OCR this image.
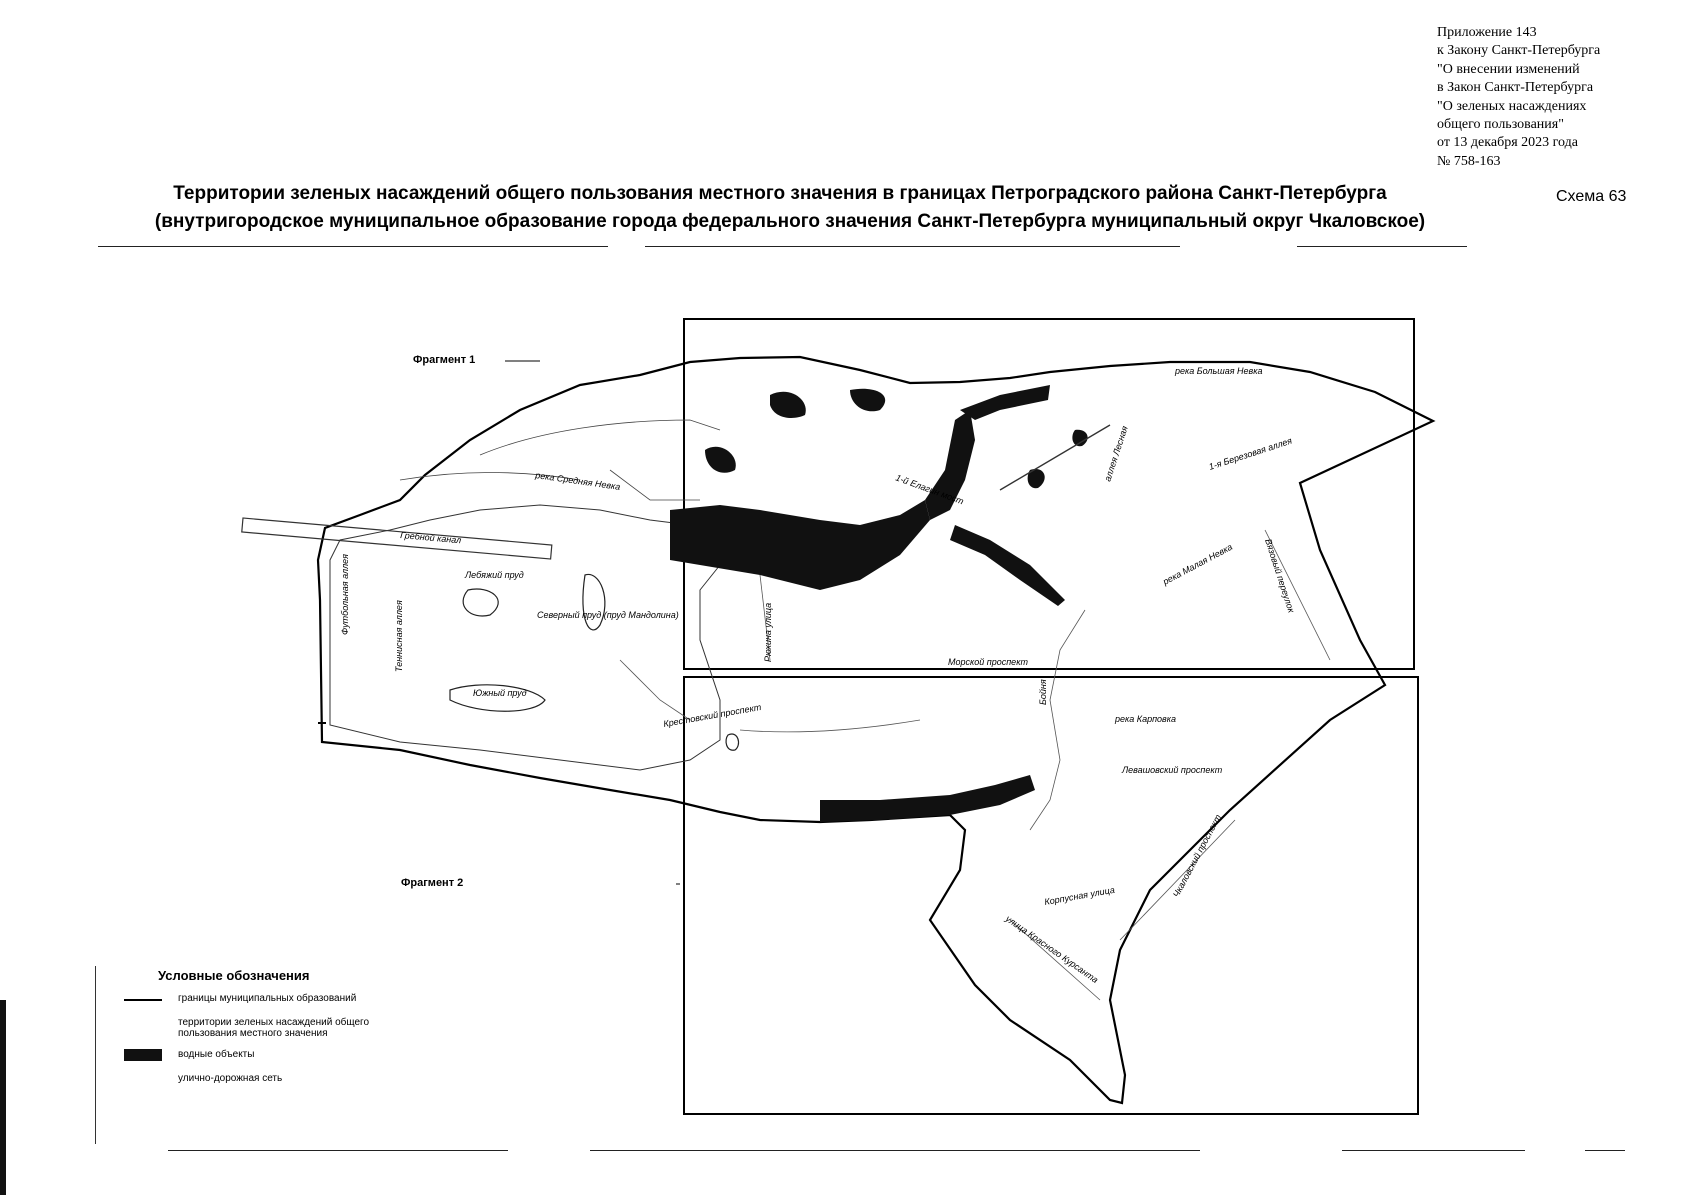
Приложение 143
к Закону Санкт-Петербурга
"О внесении изменений
в Закон Санкт-Петербурга
"О зеленых насаждениях
общего пользования"
от 13 декабря 2023 года
№ 758-163
Территории зеленых насаждений общего пользования местного значения в границах Петроградского района Санкт-Петербурга
(внутригородское муниципальное образование города федерального значения Санкт-Петербурга муниципальный округ Чкаловское)
Схема 63
река Большая Невка
река Средняя Невка
река Малая Невка
река Карповка
Гребной канал
Футбольная аллея
Теннисная аллея
Лебяжий пруд
Северный пруд (пруд Мандолина)
Южный пруд
Рюхина улица	Морской проспект
Крестовский проспект
аллея Лесная	1-я Березовая аллея
1-й Елагин мост
Вязовый переулок
Левашовский проспект
Корпусная улица	Чкаловский проспект
улица Красного Курсанта
Бойня
Фрагмент 1
Фрагмент 2
Условные обозначения
границы муниципальных образований
территории зеленых насаждений общего пользования местного значения
водные объекты
улично-дорожная сеть
